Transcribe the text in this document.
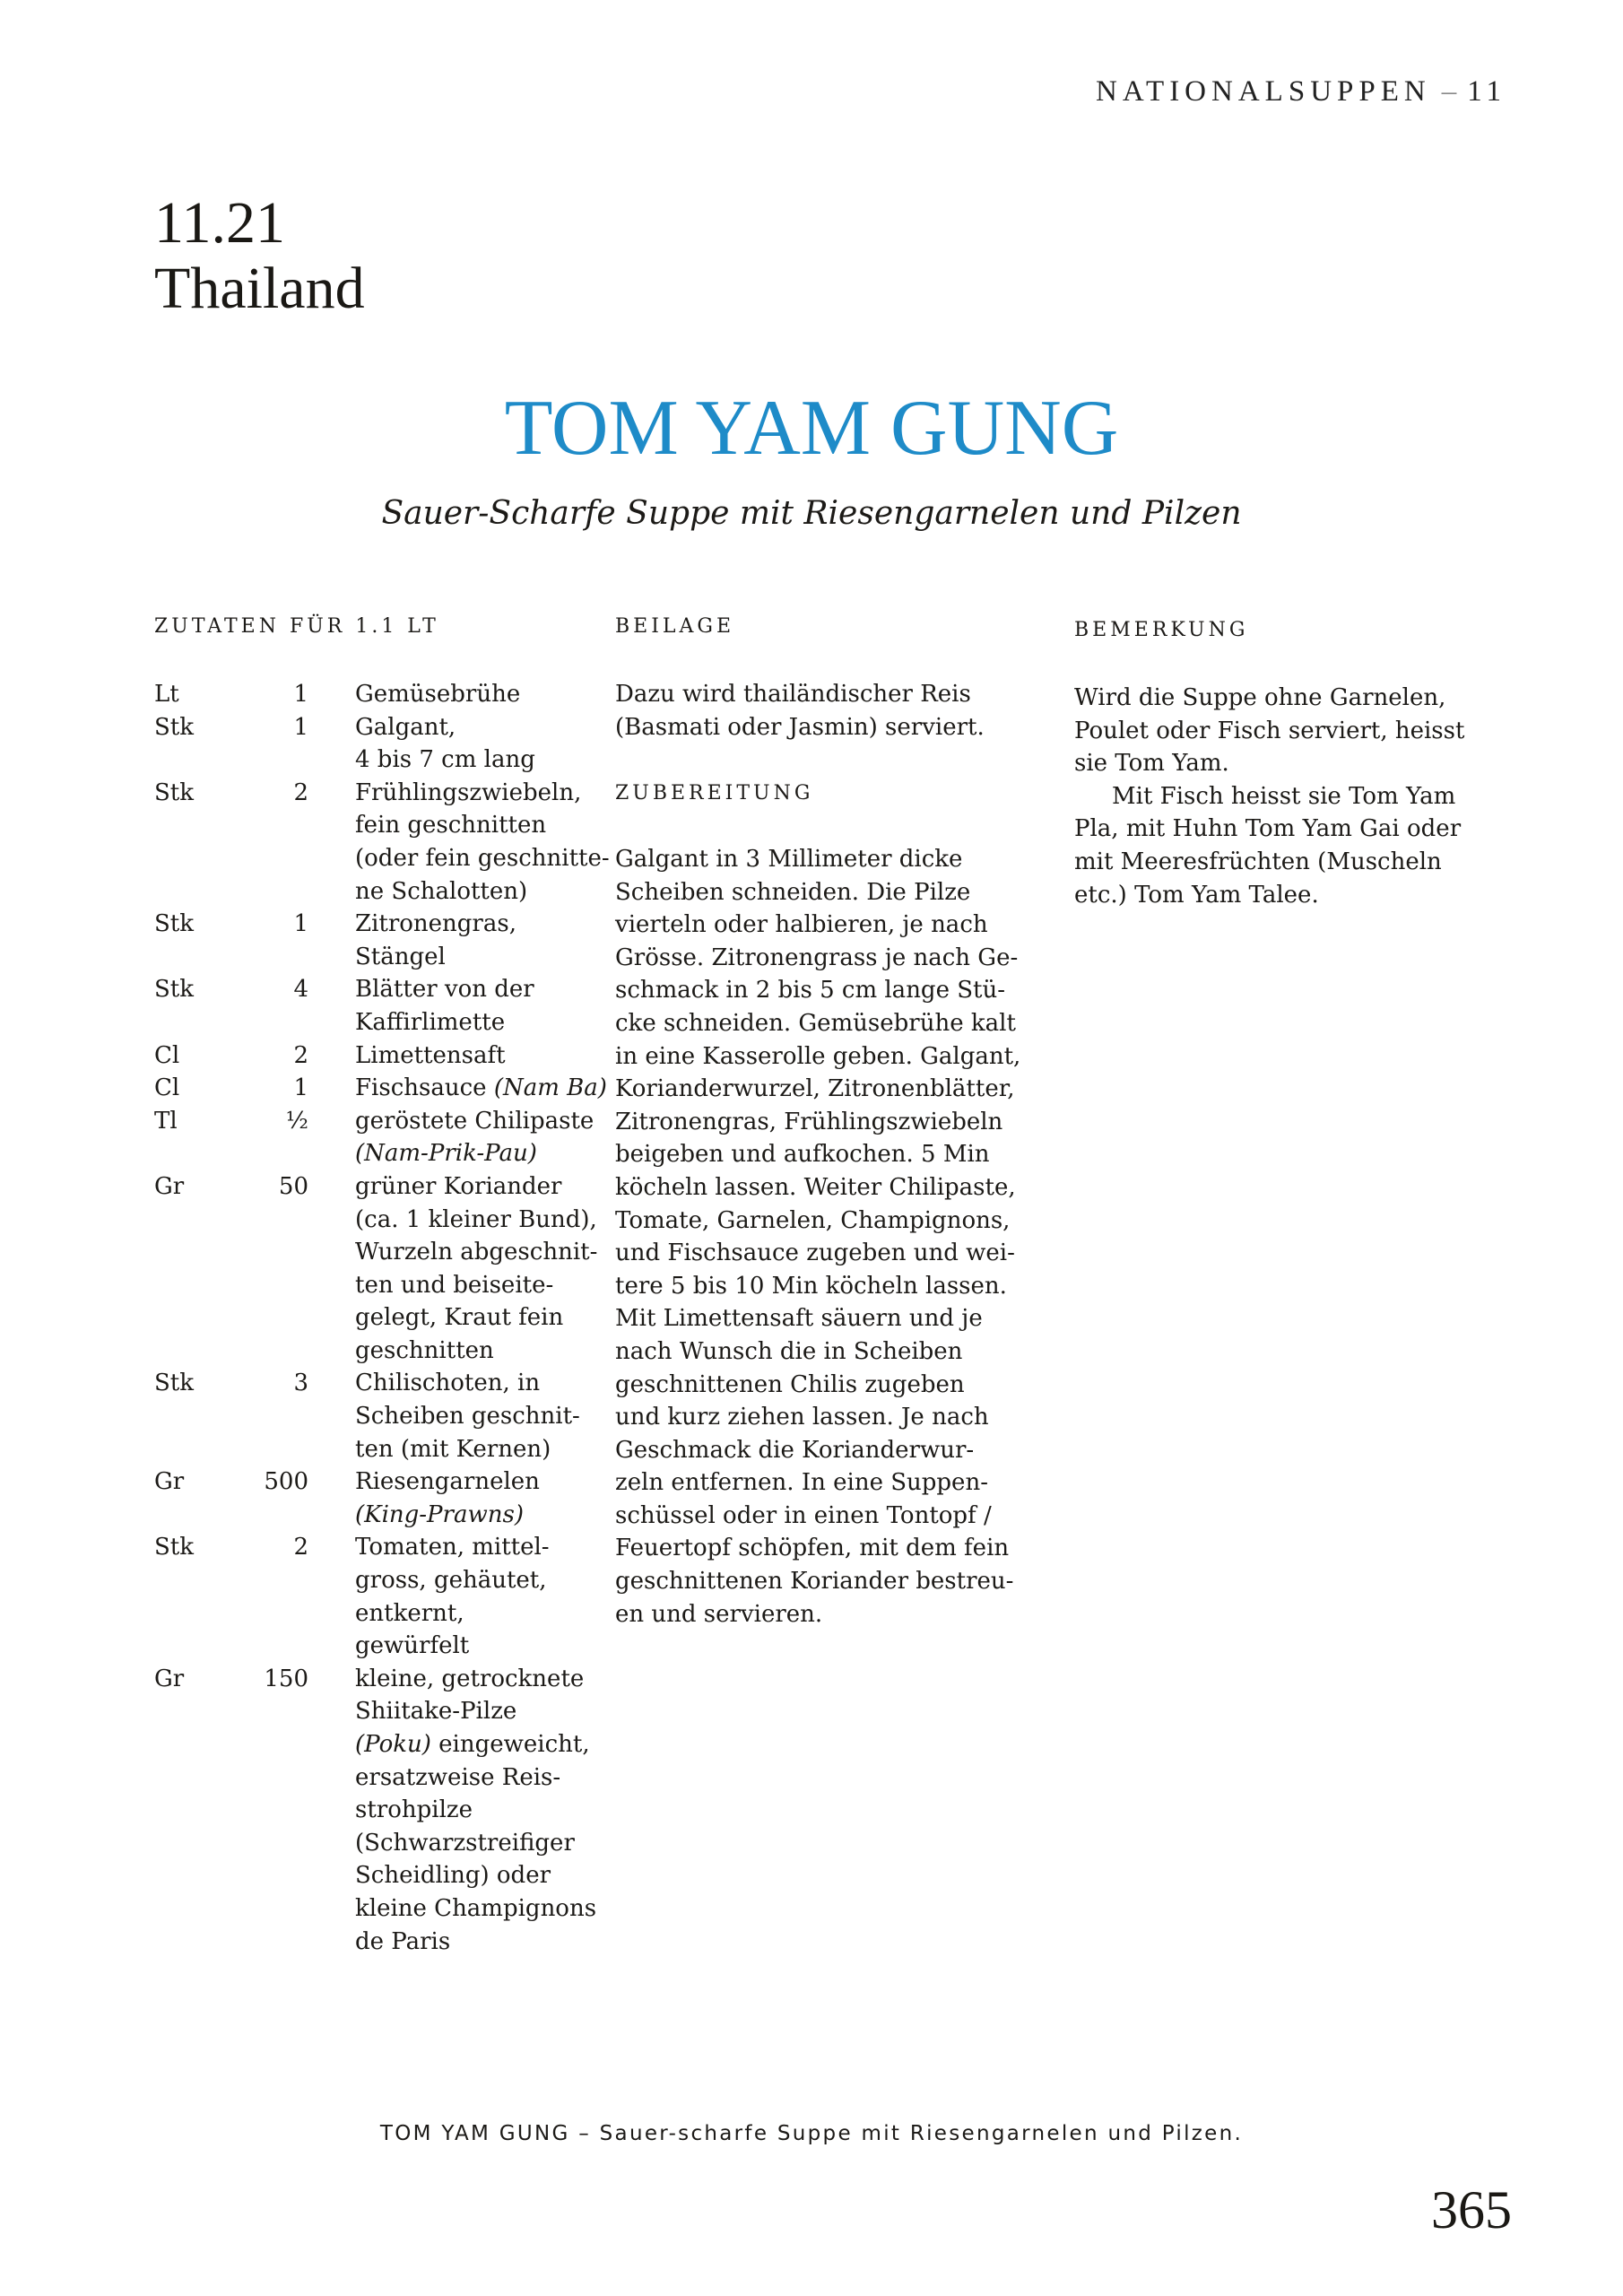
NATIONALSUPPEN – 11
11.21
Thailand
TOM YAM GUNG
Sauer-Scharfe Suppe mit Riesengarnelen und Pilzen
ZUTATEN FÜR 1.1 LT	BEILAGE	BEMERKUNG
Lt	1 Gemüsebrühe
Stk	1 Galgant,
4 bis 7 cm lang
Stk	2 Frühlingszwiebeln,
fein geschnitten
(oder fein geschnitte-
ne Schalotten)
Stk	1 Zitronengras,
Stängel
Stk	4 Blätter von der
Kaffirlimette
Cl	2 Limettensaft
Cl	1 Fischsauce (Nam Ba)
Tl	½ geröstete Chilipaste
(Nam-Prik-Pau)
Gr	50 grüner Koriander
(ca. 1 kleiner Bund),
Wurzeln abgeschnit-
ten und beiseite-
gelegt, Kraut fein
geschnitten
Stk	3 Chilischoten, in
Scheiben geschnit-
ten (mit Kernen)
Gr	500 Riesengarnelen
(King-Prawns)
Stk	2 Tomaten, mittel-
gross, gehäutet,
entkernt,
gewürfelt
Gr	150 kleine, getrocknete
Shiitake-Pilze
(Poku) eingeweicht,
ersatzweise Reis-
strohpilze
(Schwarzstreifiger
Scheidling) oder
kleine Champignons
de Paris
Dazu wird thailändischer Reis
(Basmati oder Jasmin) serviert.
ZUBEREITUNG
Galgant in 3 Millimeter dicke
Scheiben schneiden. Die Pilze
vierteln oder halbieren, je nach
Grösse. Zitronengrass je nach Ge-
schmack in 2 bis 5 cm lange Stü-
cke schneiden. Gemüsebrühe kalt
in eine Kasserolle geben. Galgant,
Korianderwurzel, Zitronenblätter,
Zitronengras, Frühlingszwiebeln
beigeben und aufkochen. 5 Min
köcheln lassen. Weiter Chilipaste,
Tomate, Garnelen, Champignons,
und Fischsauce zugeben und wei-
tere 5 bis 10 Min köcheln lassen.
Mit Limettensaft säuern und je
nach Wunsch die in Scheiben
geschnittenen Chilis zugeben
und kurz ziehen lassen. Je nach
Geschmack die Korianderwur-
zeln entfernen. In eine Suppen-
schüssel oder in einen Tontopf /
Feuertopf schöpfen, mit dem fein
geschnittenen Koriander bestreu-
en und servieren.
Wird die Suppe ohne Garnelen,
Poulet oder Fisch serviert, heisst
sie Tom Yam.
Mit Fisch heisst sie Tom Yam
Pla, mit Huhn Tom Yam Gai oder
mit Meeresfrüchten (Muscheln
etc.) Tom Yam Talee.
TOM YAM GUNG – Sauer-scharfe Suppe mit Riesengarnelen und Pilzen.
365
